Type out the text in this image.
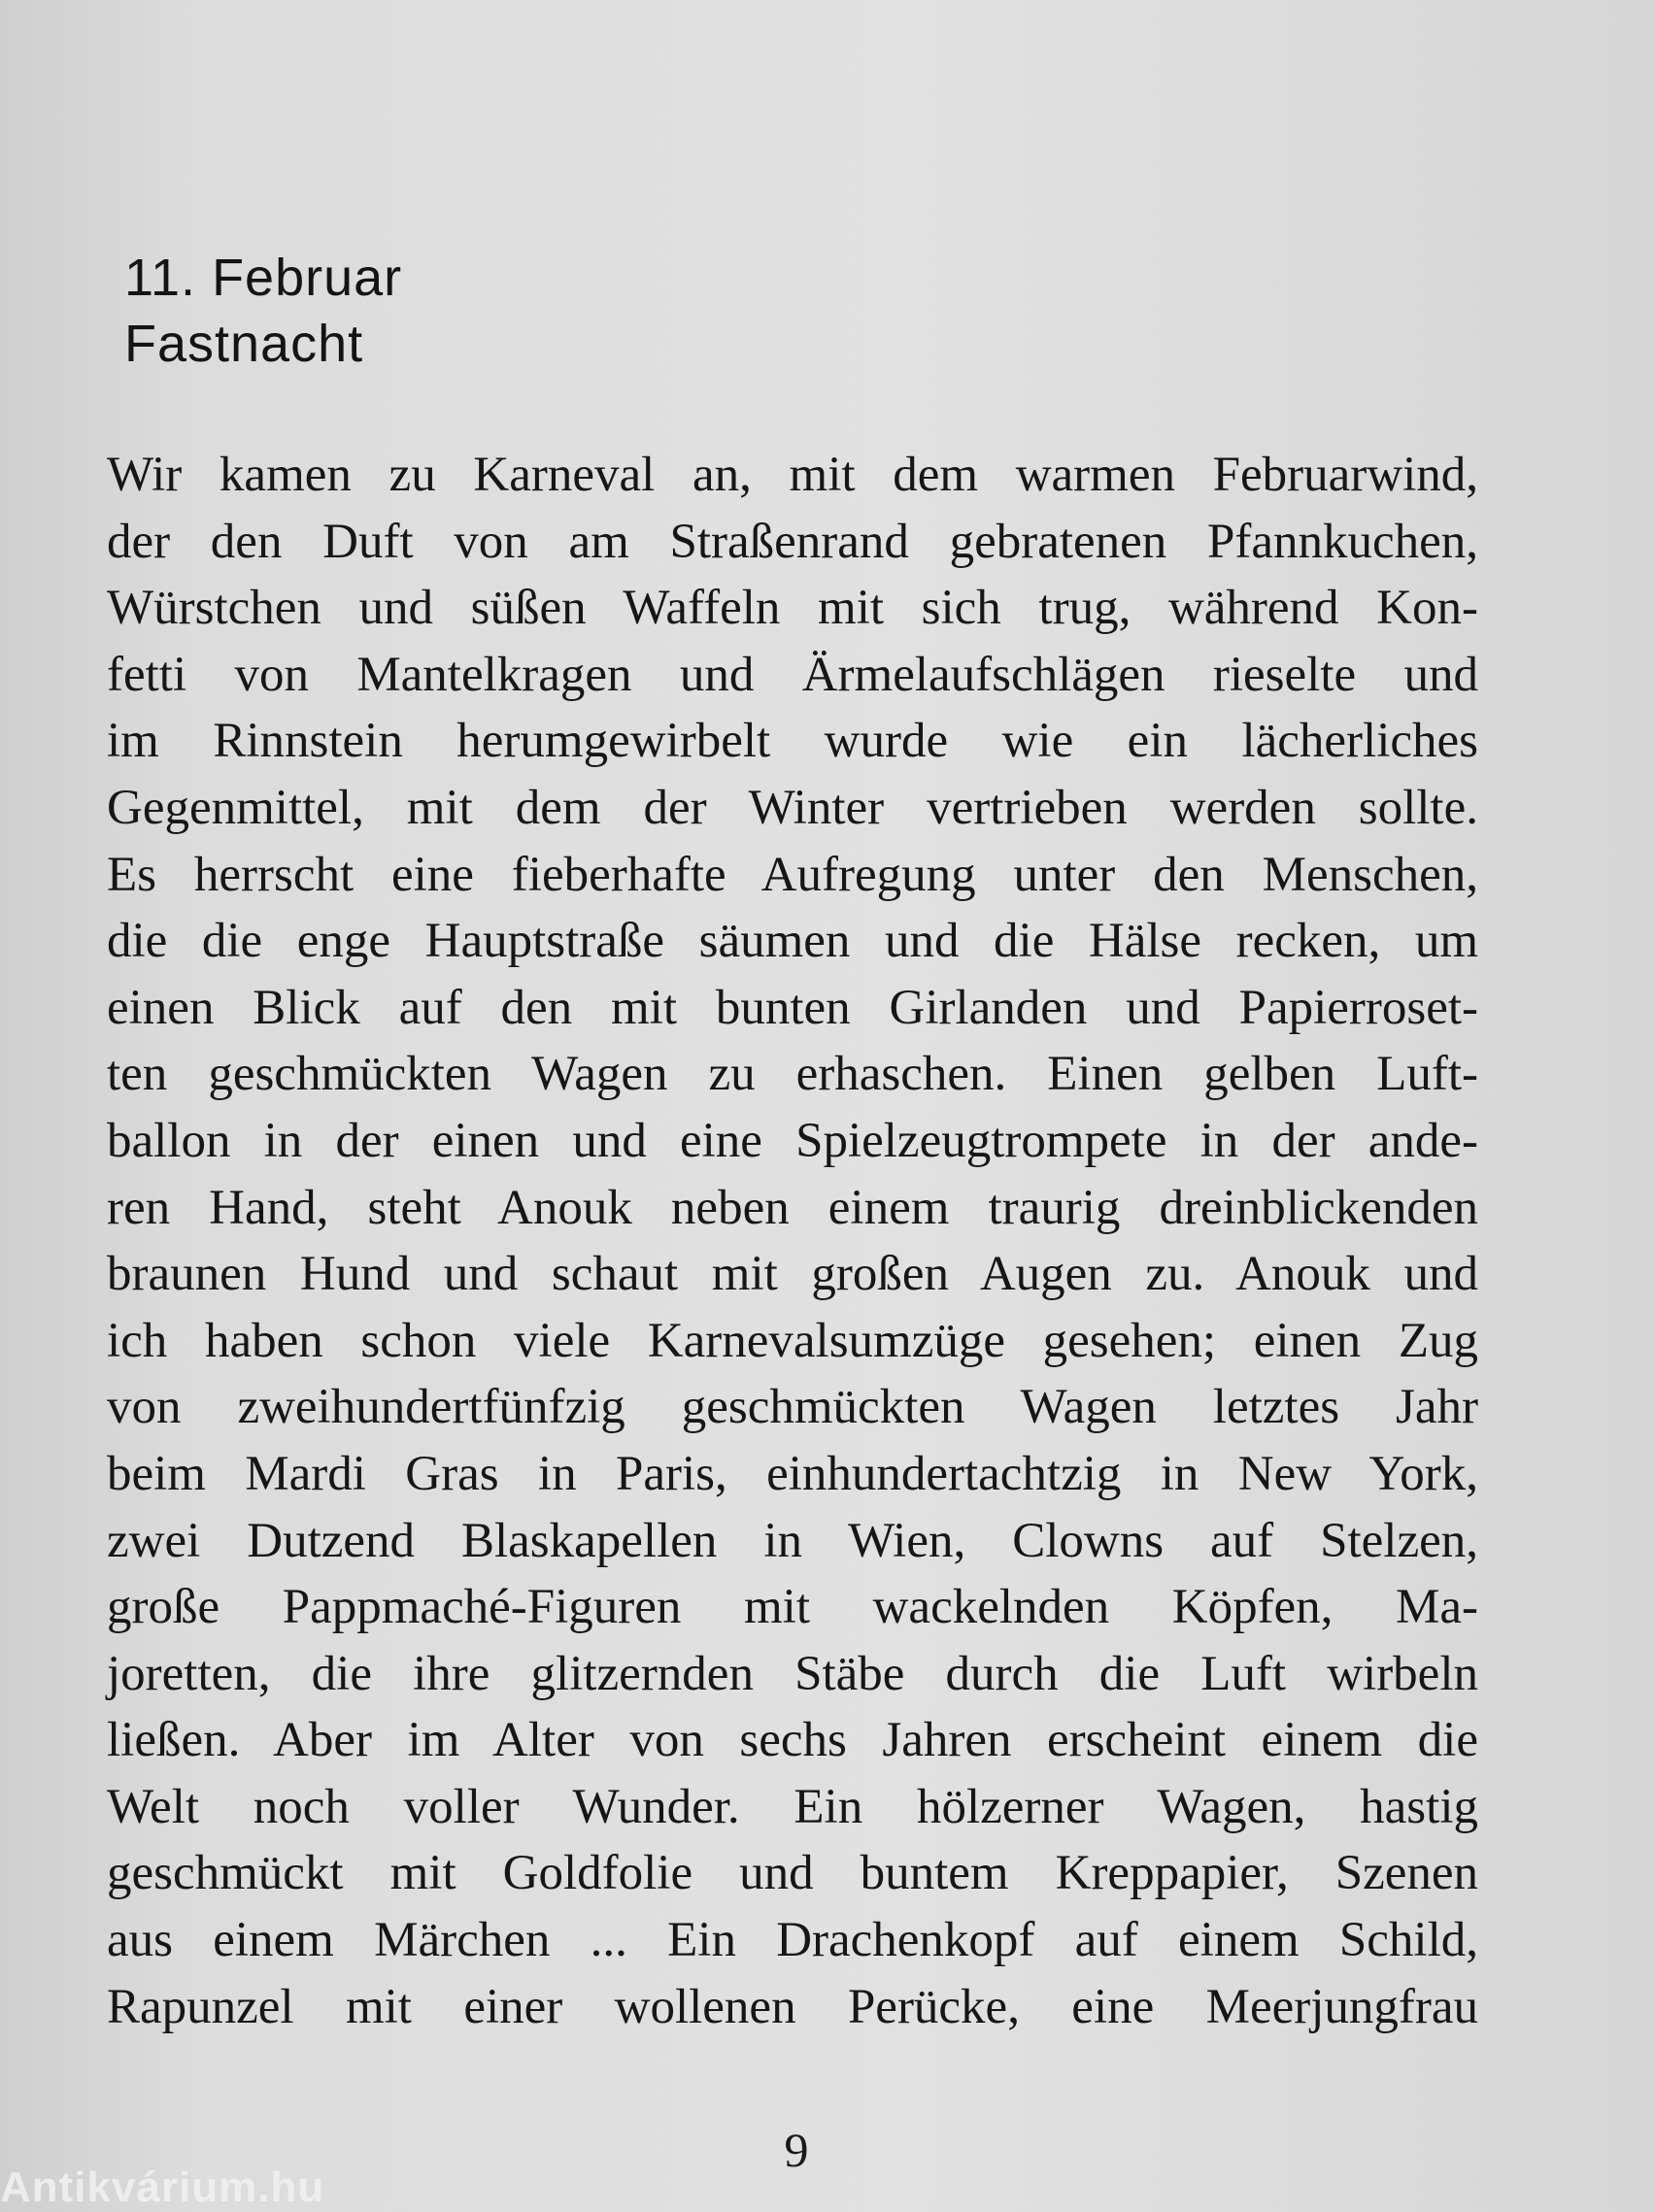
11. Februar
Fastnacht
Wir kamen zu Karneval an, mit dem warmen Februarwind,
der den Duft von am Straßenrand gebratenen Pfannkuchen,
Würstchen und süßen Waffeln mit sich trug, während Kon-
fetti von Mantelkragen und Ärmelaufschlägen rieselte und
im Rinnstein herumgewirbelt wurde wie ein lächerliches
Gegenmittel, mit dem der Winter vertrieben werden sollte.
Es herrscht eine fieberhafte Aufregung unter den Menschen,
die die enge Hauptstraße säumen und die Hälse recken, um
einen Blick auf den mit bunten Girlanden und Papierroset-
ten geschmückten Wagen zu erhaschen. Einen gelben Luft-
ballon in der einen und eine Spielzeugtrompete in der ande-
ren Hand, steht Anouk neben einem traurig dreinblickenden
braunen Hund und schaut mit großen Augen zu. Anouk und
ich haben schon viele Karnevalsumzüge gesehen; einen Zug
von zweihundertfünfzig geschmückten Wagen letztes Jahr
beim Mardi Gras in Paris, einhundertachtzig in New York,
zwei Dutzend Blaskapellen in Wien, Clowns auf Stelzen,
große Pappmaché-Figuren mit wackelnden Köpfen, Ma-
joretten, die ihre glitzernden Stäbe durch die Luft wirbeln
ließen. Aber im Alter von sechs Jahren erscheint einem die
Welt noch voller Wunder. Ein hölzerner Wagen, hastig
geschmückt mit Goldfolie und buntem Kreppapier, Szenen
aus einem Märchen ... Ein Drachenkopf auf einem Schild,
Rapunzel mit einer wollenen Perücke, eine Meerjungfrau
9
Antikvárium.hu
